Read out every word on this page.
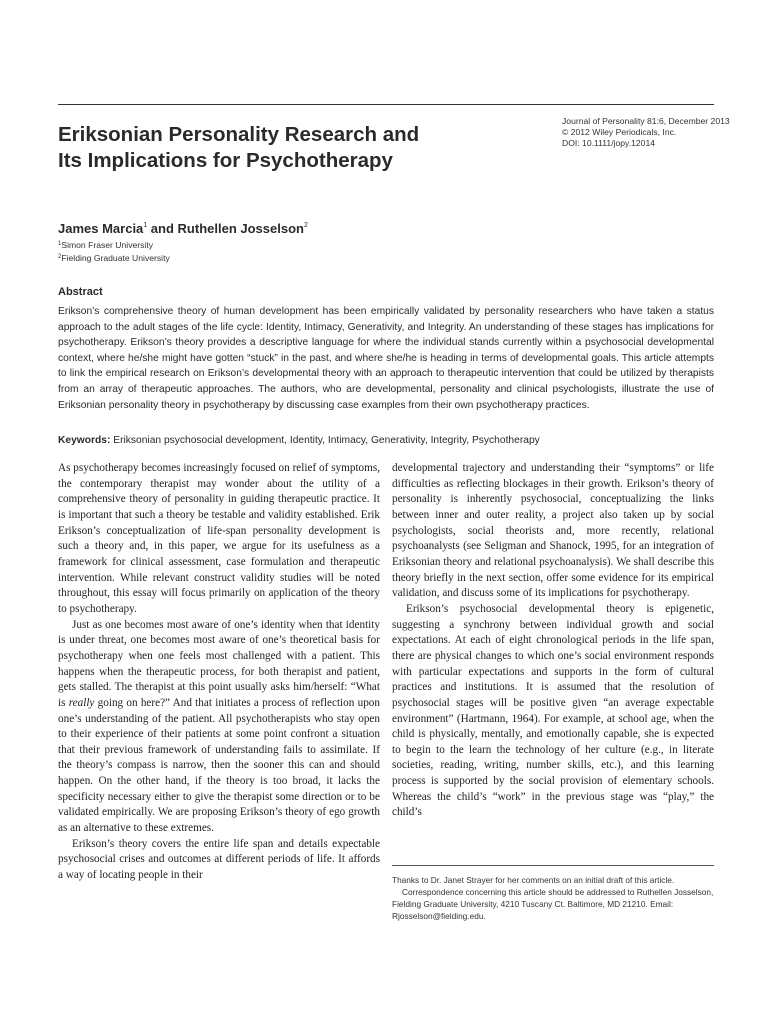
Journal of Personality 81:6, December 2013
© 2012 Wiley Periodicals, Inc.
DOI: 10.1111/jopy.12014
Eriksonian Personality Research and
Its Implications for Psychotherapy
James Marcia$^1$ and Ruthellen Josselson$^2$
$^1$Simon Fraser University
$^2$Fielding Graduate University
Abstract
Erikson’s comprehensive theory of human development has been empirically validated by personality researchers who have taken a status approach to the adult stages of the life cycle: Identity, Intimacy, Generativity, and Integrity. An understanding of these stages has implications for psychotherapy. Erikson’s theory provides a descriptive language for where the individual stands currently within a psychosocial developmental context, where he/she might have gotten “stuck” in the past, and where she/he is heading in terms of developmental goals. This article attempts to link the empirical research on Erikson’s developmental theory with an approach to therapeutic intervention that could be utilized by therapists from an array of therapeutic approaches. The authors, who are developmental, personality and clinical psychologists, illustrate the use of Eriksonian personality theory in psychotherapy by discussing case examples from their own psychotherapy practices.
Keywords: Eriksonian psychosocial development, Identity, Intimacy, Generativity, Integrity, Psychotherapy

As psychotherapy becomes increasingly focused on relief of symptoms, the contemporary therapist may wonder about the utility of a comprehensive theory of personality in guiding therapeutic practice. It is important that such a theory be testable and validity established. Erik Erikson’s conceptualization of life-span personality development is such a theory and, in this paper, we argue for its usefulness as a framework for clinical assessment, case formulation and therapeutic intervention. While relevant construct validity studies will be noted throughout, this essay will focus primarily on application of the theory to psychotherapy.

Just as one becomes most aware of one’s identity when that identity is under threat, one becomes most aware of one’s theoretical basis for psychotherapy when one feels most challenged with a patient. This happens when the therapeutic process, for both therapist and patient, gets stalled. The therapist at this point usually asks him/herself: “What is really going on here?” And that initiates a process of reflection upon one’s understanding of the patient. All psychotherapists who stay open to their experience of their patients at some point confront a situation that their previous framework of understanding fails to assimilate. If the theory’s compass is narrow, then the sooner this can and should happen. On the other hand, if the theory is too broad, it lacks the specificity necessary either to give the therapist some direction or to be validated empirically. We are proposing Erikson’s theory of ego growth as an alternative to these extremes.

Erikson’s theory covers the entire life span and details expectable psychosocial crises and outcomes at different periods of life. It affords a way of locating people in their

developmental trajectory and understanding their “symptoms” or life difficulties as reflecting blockages in their growth. Erikson’s theory of personality is inherently psychosocial, conceptualizing the links between inner and outer reality, a project also taken up by social psychologists, social theorists and, more recently, relational psychoanalysts (see Seligman and Shanock, 1995, for an integration of Eriksonian theory and relational psychoanalysis). We shall describe this theory briefly in the next section, offer some evidence for its empirical validation, and discuss some of its implications for psychotherapy.

Erikson’s psychosocial developmental theory is epigenetic, suggesting a synchrony between individual growth and social expectations. At each of eight chronological periods in the life span, there are physical changes to which one’s social environment responds with particular expectations and supports in the form of cultural practices and institutions. It is assumed that the resolution of psychosocial stages will be positive given “an average expectable environment” (Hartmann, 1964). For example, at school age, when the child is physically, mentally, and emotionally capable, she is expected to begin to the learn the technology of her culture (e.g., in literate societies, reading, writing, number skills, etc.), and this learning process is supported by the social provision of elementary schools. Whereas the child’s “work” in the previous stage was “play,” the child’s

Thanks to Dr. Janet Strayer for her comments on an initial draft of this article.

Correspondence concerning this article should be addressed to Ruthellen Josselson, Fielding Graduate University, 4210 Tuscany Ct. Baltimore, MD 21210. Email: Rjosselson@fielding.edu.
